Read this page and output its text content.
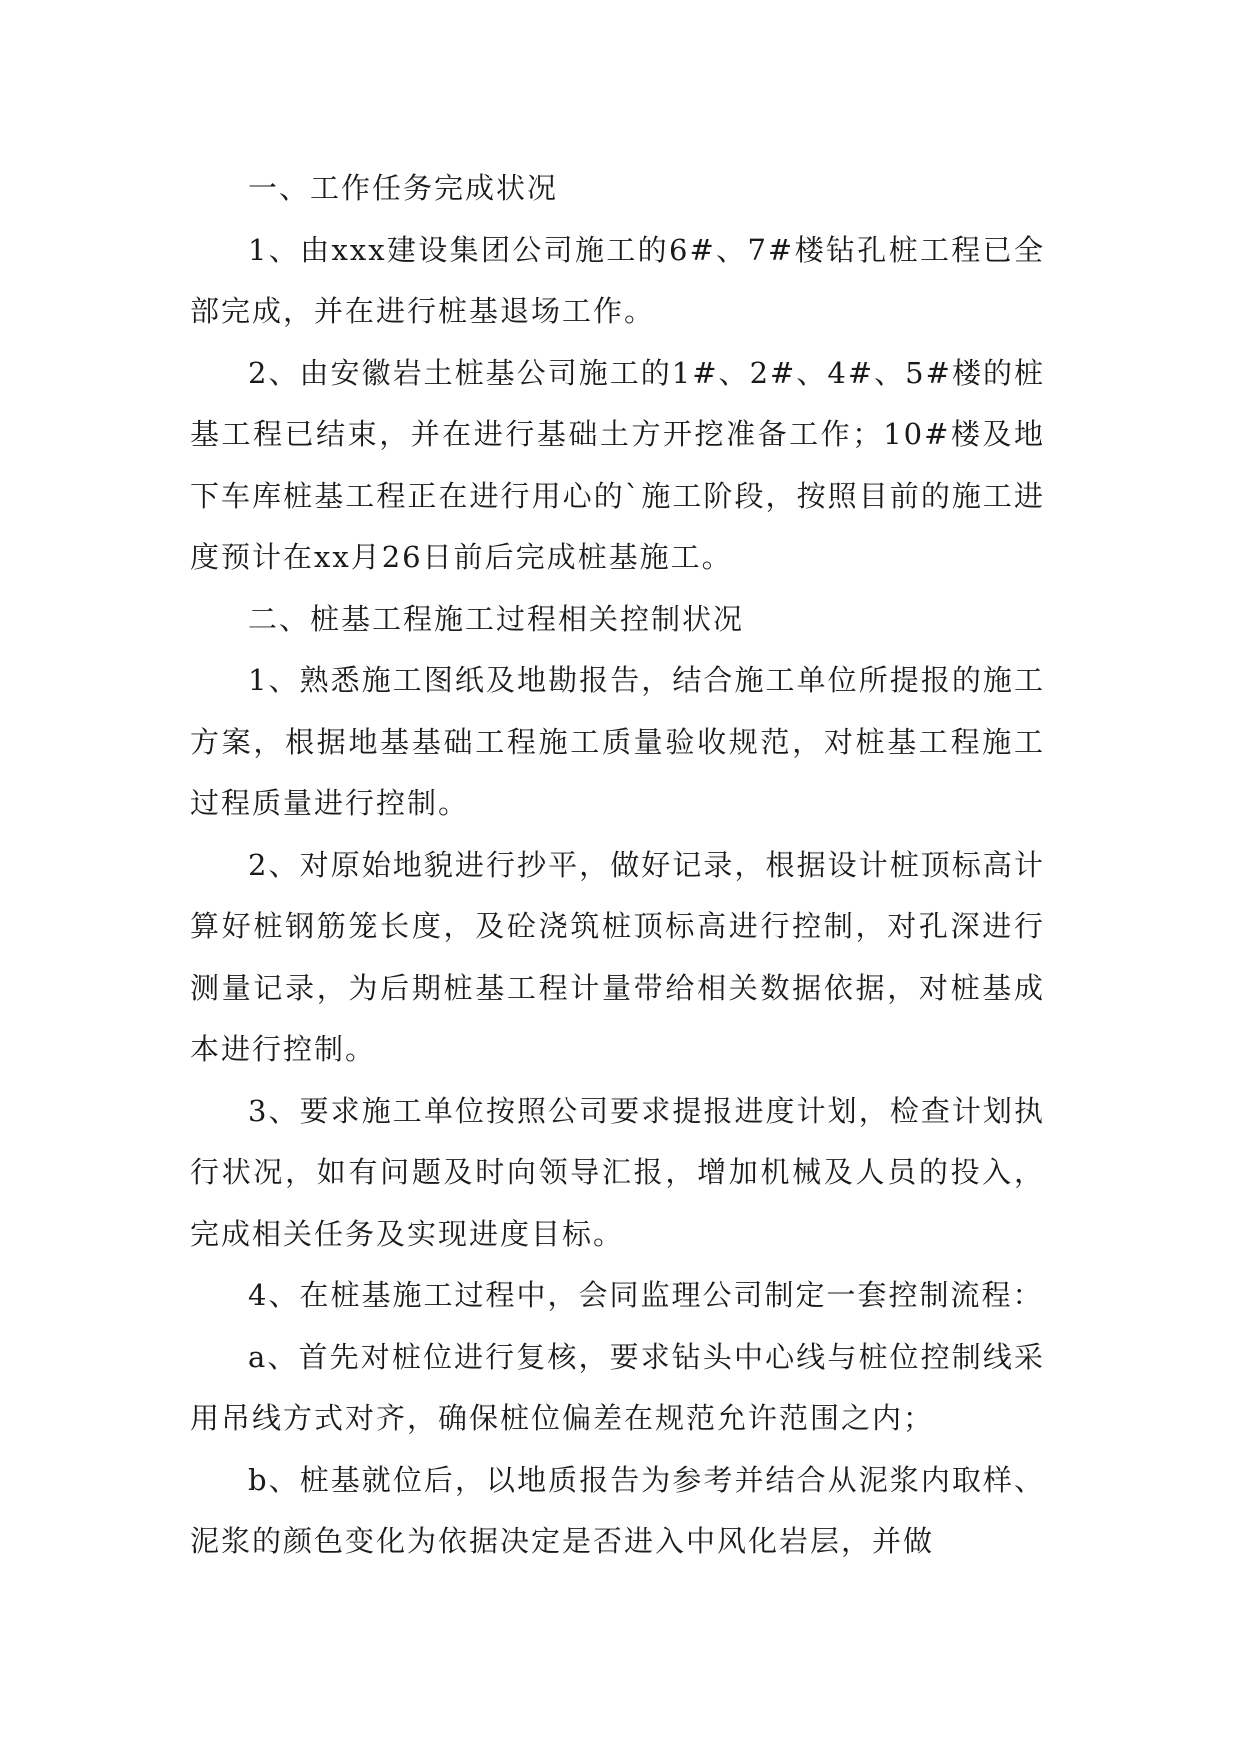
一、工作任务完成状况

1、由xxx建设集团公司施工的6#、7#楼钻孔桩工程已全部完成，并在进行桩基退场工作。

2、由安徽岩土桩基公司施工的1#、2#、4#、5#楼的桩基工程已结束，并在进行基础土方开挖准备工作；10#楼及地下车库桩基工程正在进行用心的`施工阶段，按照目前的施工进度预计在xx月26日前后完成桩基施工。

二、桩基工程施工过程相关控制状况

1、熟悉施工图纸及地勘报告，结合施工单位所提报的施工方案，根据地基基础工程施工质量验收规范，对桩基工程施工过程质量进行控制。

2、对原始地貌进行抄平，做好记录，根据设计桩顶标高计算好桩钢筋笼长度，及砼浇筑桩顶标高进行控制，对孔深进行测量记录，为后期桩基工程计量带给相关数据依据，对桩基成本进行控制。

3、要求施工单位按照公司要求提报进度计划，检查计划执行状况，如有问题及时向领导汇报，增加机械及人员的投入，完成相关任务及实现进度目标。

4、在桩基施工过程中，会同监理公司制定一套控制流程：

a、首先对桩位进行复核，要求钻头中心线与桩位控制线采用吊线方式对齐，确保桩位偏差在规范允许范围之内；

b、桩基就位后，以地质报告为参考并结合从泥浆内取样、泥浆的颜色变化为依据决定是否进入中风化岩层，并做
